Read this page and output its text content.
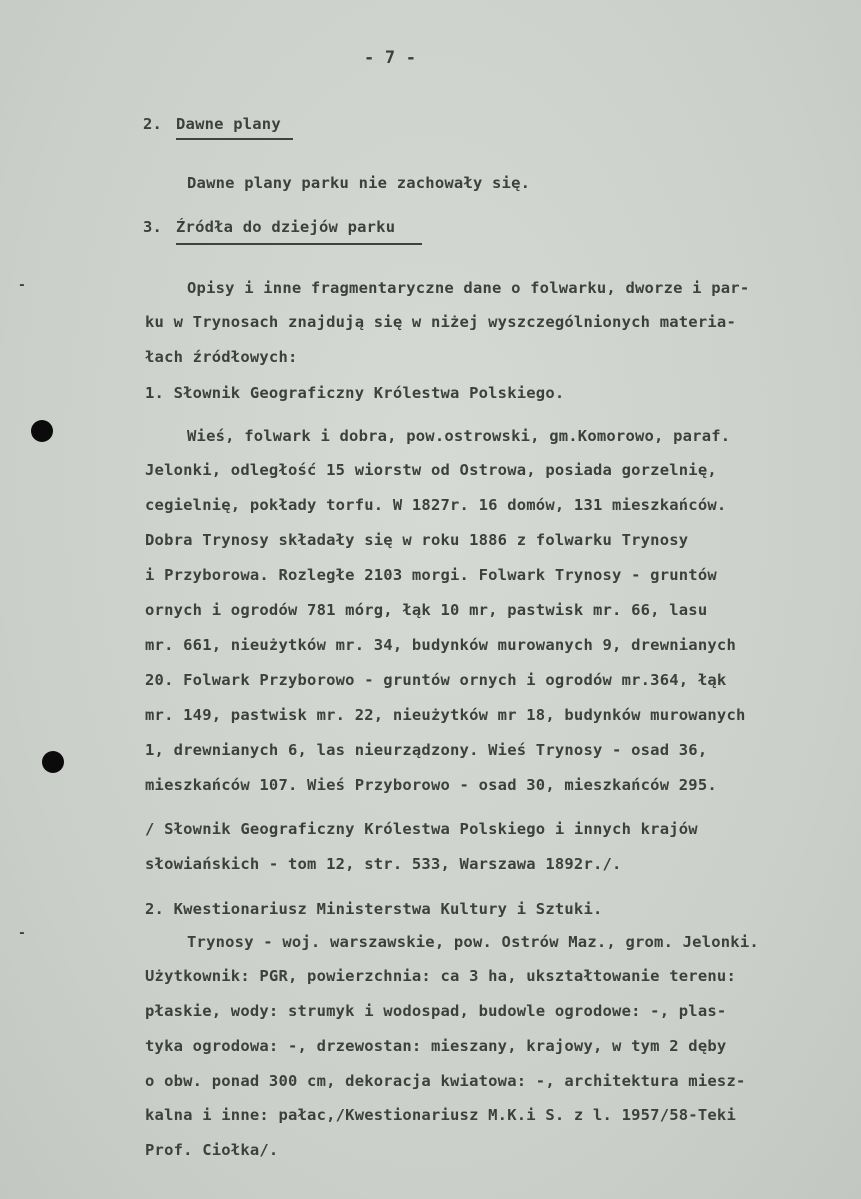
- 7 -
2. Dawne plany
Dawne plany parku nie zachowały się.
3. Źródła do dziejów parku
Opisy i inne fragmentaryczne dane o folwarku, dworze i par-
ku w Trynosach znajdują się w niżej wyszczególnionych materia-
łach źródłowych:
1. Słownik Geograficzny Królestwa Polskiego.
Wieś, folwark i dobra, pow.ostrowski, gm.Komorowo, paraf.
Jelonki, odległość 15 wiorstw od Ostrowa, posiada gorzelnię,
cegielnię, pokłady torfu. W 1827r. 16 domów, 131 mieszkańców.
Dobra Trynosy składały się w roku 1886 z folwarku Trynosy
i Przyborowa. Rozległe 2103 morgi. Folwark Trynosy - gruntów
ornych i ogrodów 781 mórg, łąk 10 mr, pastwisk mr. 66, lasu
mr. 661, nieużytków mr. 34, budynków murowanych 9, drewnianych
20. Folwark Przyborowo - gruntów ornych i ogrodów mr.364, łąk
mr. 149, pastwisk mr. 22, nieużytków mr 18, budynków murowanych
1, drewnianych 6, las nieurządzony. Wieś Trynosy - osad 36,
mieszkańców 107. Wieś Przyborowo - osad 30, mieszkańców 295.
/ Słownik Geograficzny Królestwa Polskiego i innych krajów
słowiańskich - tom 12, str. 533, Warszawa 1892r./.
2. Kwestionariusz Ministerstwa Kultury i Sztuki.
Trynosy - woj. warszawskie, pow. Ostrów Maz., grom. Jelonki.
Użytkownik: PGR, powierzchnia: ca 3 ha, ukształtowanie terenu:
płaskie, wody: strumyk i wodospad, budowle ogrodowe: -, plas-
tyka ogrodowa: -, drzewostan: mieszany, krajowy, w tym 2 dęby
o obw. ponad 300 cm, dekoracja kwiatowa: -, architektura miesz-
kalna i inne: pałac,/Kwestionariusz M.K.i S. z l. 1957/58-Teki
Prof. Ciołka/.
-
-
